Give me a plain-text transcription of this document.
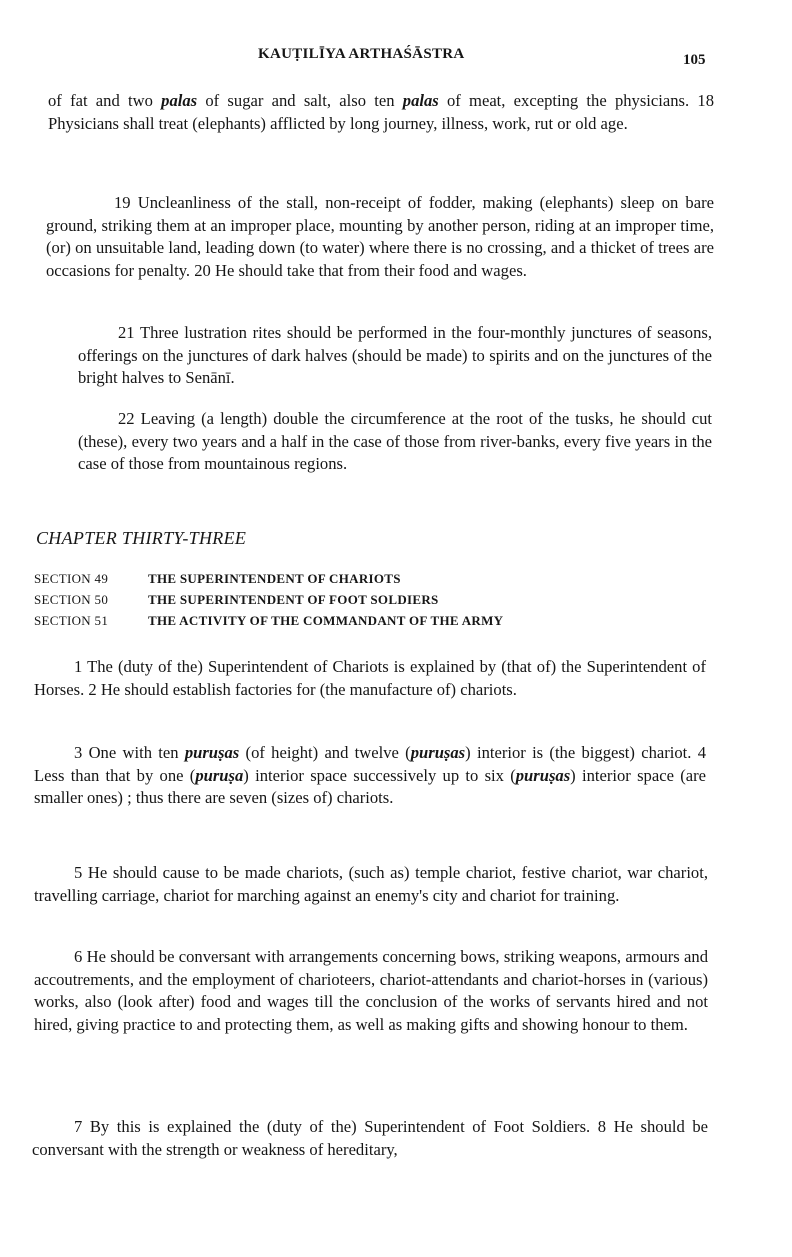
KAUṬILĪYA ARTHAŚĀSTRA	105

of fat and two palas of sugar and salt, also ten palas of meat, excepting the physicians. 18 Physicians shall treat (elephants) afflicted by long journey, illness, work, rut or old age.

19 Uncleanliness of the stall, non-receipt of fodder, making (elephants) sleep on bare ground, striking them at an improper place, mounting by another person, riding at an improper time, (or) on unsuitable land, leading down (to water) where there is no crossing, and a thicket of trees are occasions for penalty. 20 He should take that from their food and wages.

21 Three lustration rites should be performed in the four-monthly junctures of seasons, offerings on the junctures of dark halves (should be made) to spirits and on the junctures of the bright halves to Senānī.

22 Leaving (a length) double the circumference at the root of the tusks, he should cut (these), every two years and a half in the case of those from river-banks, every five years in the case of those from mountainous regions.

CHAPTER THIRTY-THREE
SECTION 49	THE SUPERINTENDENT OF CHARIOTS
SECTION 50	THE SUPERINTENDENT OF FOOT SOLDIERS
SECTION 51	THE ACTIVITY OF THE COMMANDANT OF THE ARMY

1 The (duty of the) Superintendent of Chariots is explained by (that of) the Superintendent of Horses. 2 He should establish factories for (the manufacture of) chariots.

3 One with ten puruṣas (of height) and twelve (puruṣas) interior is (the biggest) chariot. 4 Less than that by one (puruṣa) interior space successively up to six (puruṣas) interior space (are smaller ones) ; thus there are seven (sizes of) chariots.

5 He should cause to be made chariots, (such as) temple chariot, festive chariot, war chariot, travelling carriage, chariot for marching against an enemy's city and chariot for training.

6 He should be conversant with arrangements concerning bows, striking weapons, armours and accoutrements, and the employment of charioteers, chariot-attendants and chariot-horses in (various) works, also (look after) food and wages till the conclusion of the works of servants hired and not hired, giving practice to and protecting them, as well as making gifts and showing honour to them.

7 By this is explained the (duty of the) Superintendent of Foot Soldiers. 8 He should be conversant with the strength or weakness of hereditary,
